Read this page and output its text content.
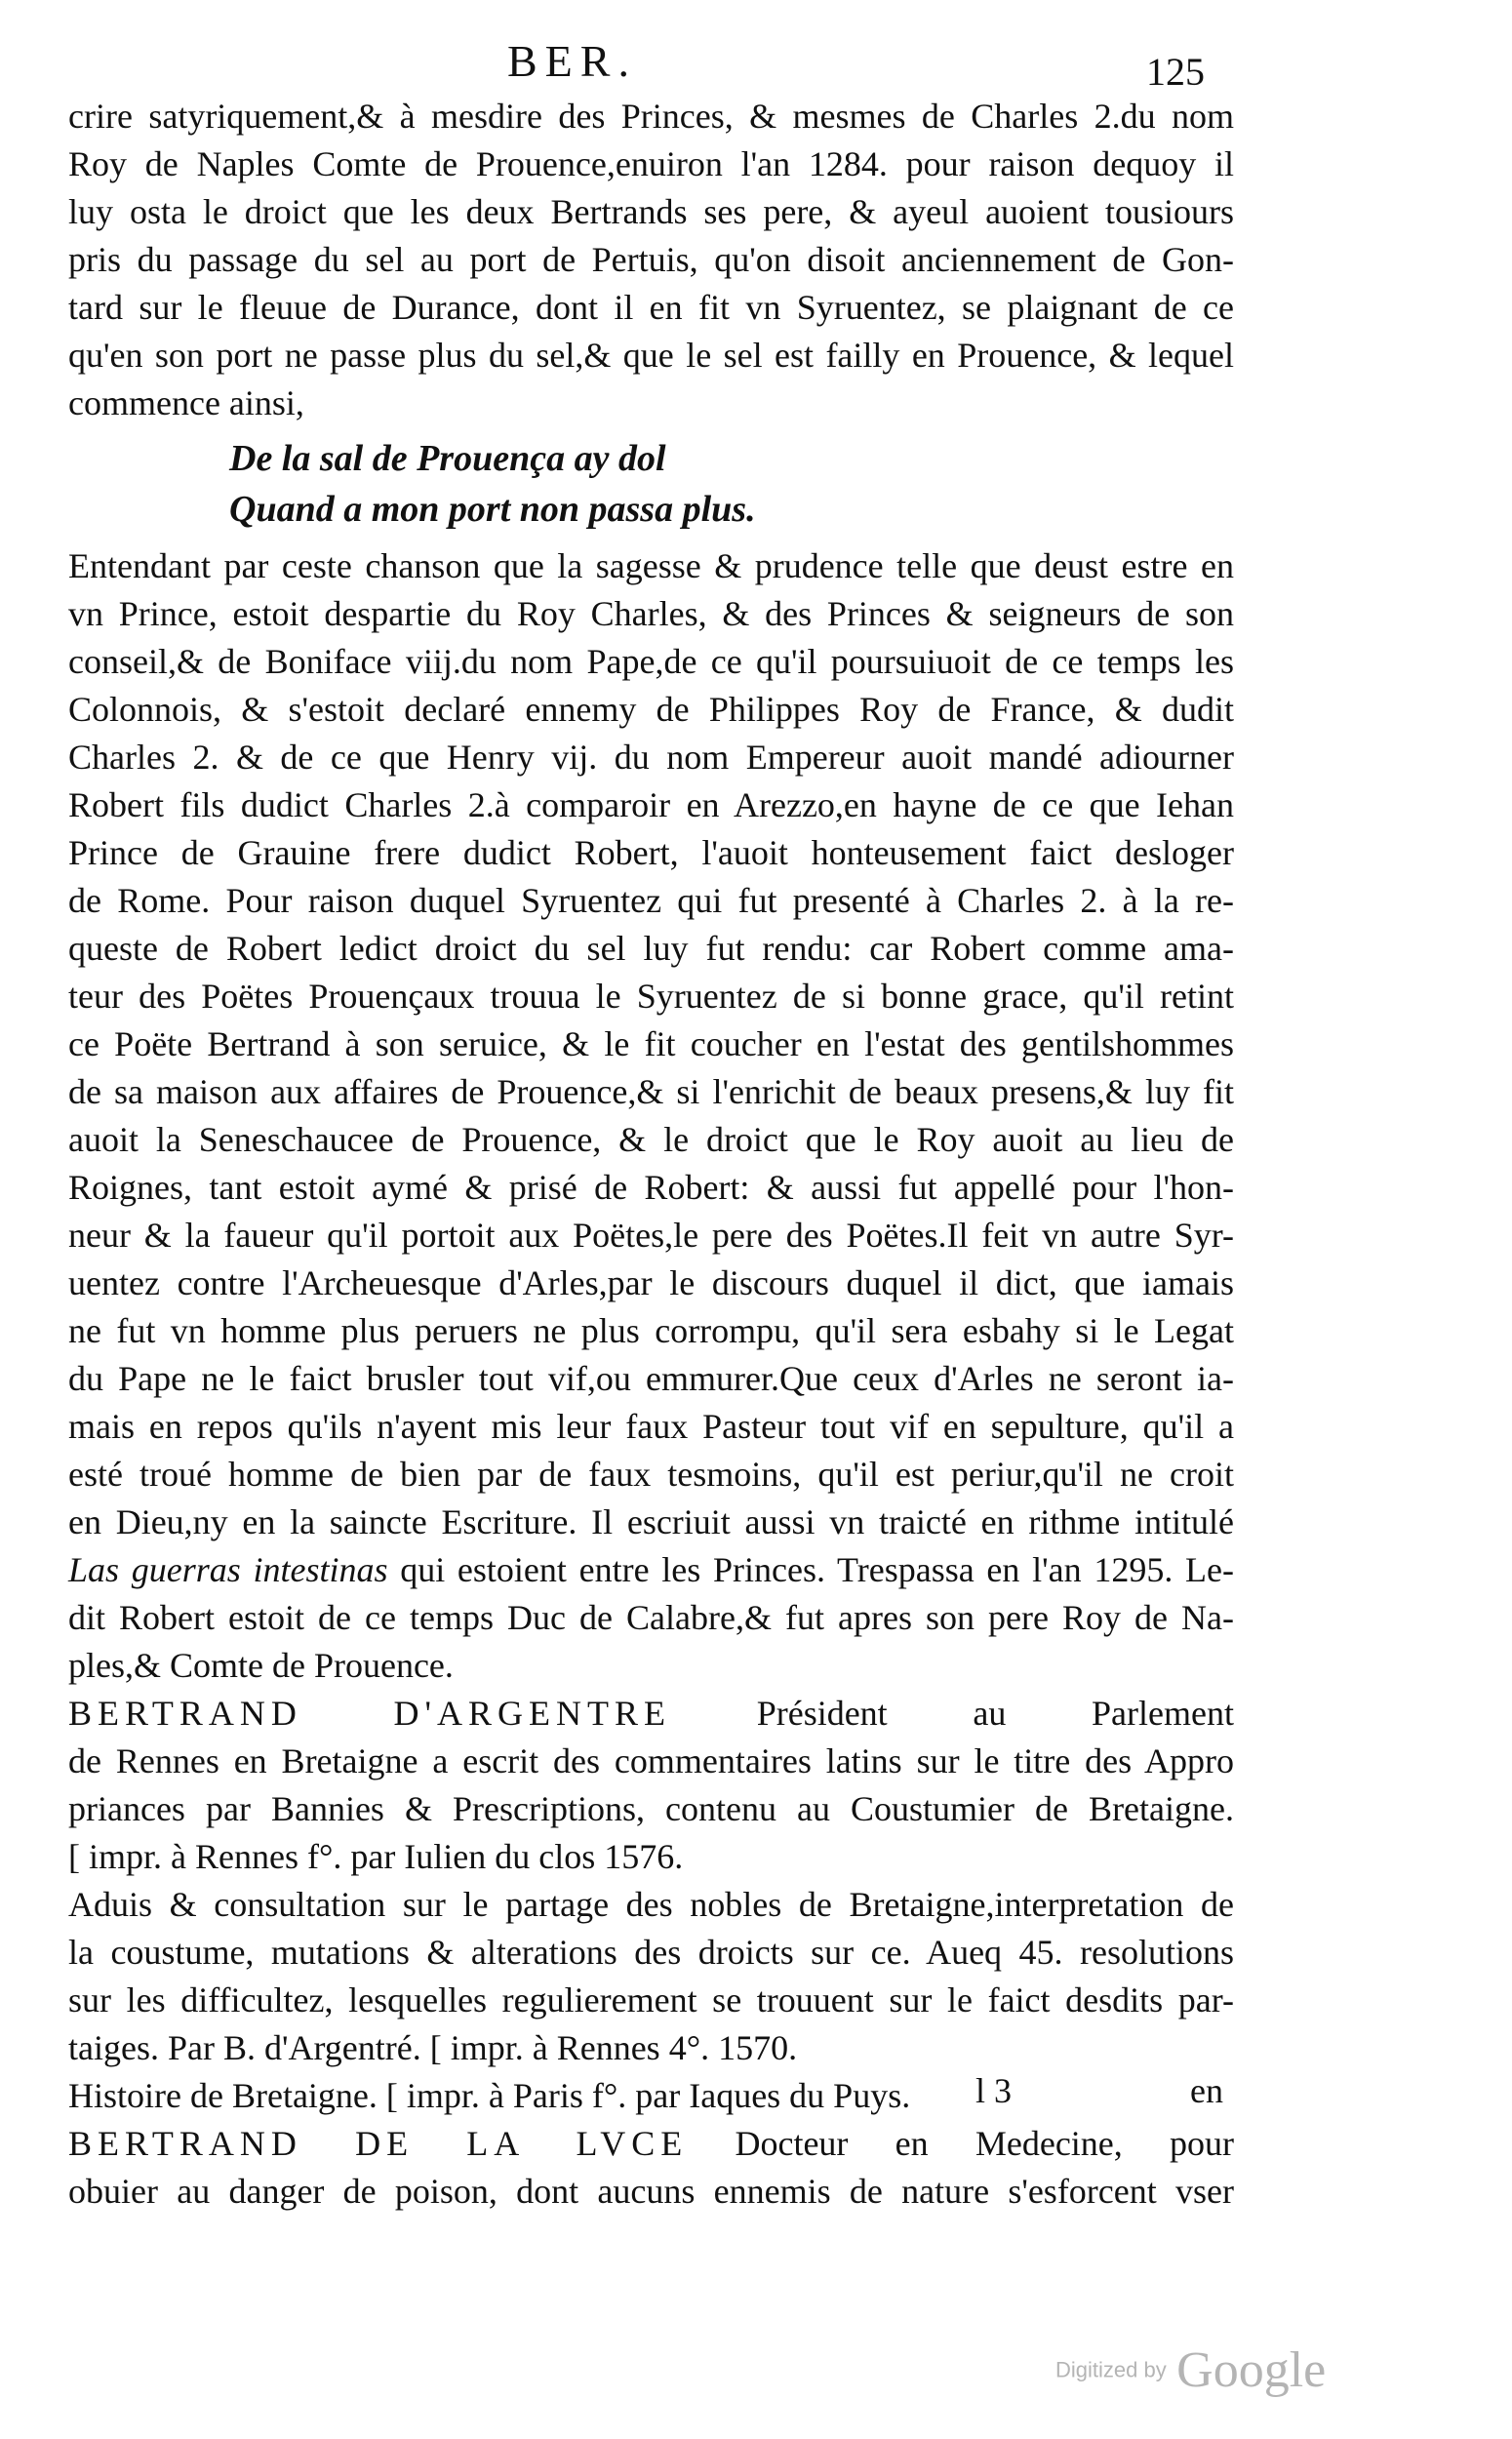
BER.	125
crire satyriquement,& à mesdire des Princes, & mesmes de Charles 2.du nom
Roy de Naples Comte de Prouence,enuiron l'an 1284. pour raison dequoy il
luy osta le droict que les deux Bertrands ses pere, & ayeul auoient tousiours
pris du passage du sel au port de Pertuis, qu'on disoit anciennement de Gon-
tard sur le fleuue de Durance, dont il en fit vn Syruentez, se plaignant de ce
qu'en son port ne passe plus du sel,& que le sel est failly en Prouence, & lequel
commence ainsi,
De la sal de Prouença ay dol
Quand a mon port non passa plus.
Entendant par ceste chanson que la sagesse & prudence telle que deust estre en
vn Prince, estoit despartie du Roy Charles, & des Princes & seigneurs de son
conseil,& de Boniface viij.du nom Pape,de ce qu'il poursuiuoit de ce temps les
Colonnois, & s'estoit declaré ennemy de Philippes Roy de France, & dudit
Charles 2. & de ce que Henry vij. du nom Empereur auoit mandé adiourner
Robert fils dudict Charles 2.à comparoir en Arezzo,en hayne de ce que Iehan
Prince de Grauine frere dudict Robert, l'auoit honteusement faict desloger
de Rome. Pour raison duquel Syruentez qui fut presenté à Charles 2. à la re-
queste de Robert ledict droict du sel luy fut rendu: car Robert comme ama-
teur des Poëtes Prouençaux trouua le Syruentez de si bonne grace, qu'il retint
ce Poëte Bertrand à son seruice, & le fit coucher en l'estat des gentilshommes
de sa maison aux affaires de Prouence,& si l'enrichit de beaux presens,& luy fit
auoit la Seneschaucee de Prouence, & le droict que le Roy auoit au lieu de
Roignes, tant estoit aymé & prisé de Robert: & aussi fut appellé pour l'hon-
neur & la faueur qu'il portoit aux Poëtes,le pere des Poëtes.Il feit vn autre Syr-
uentez contre l'Archeuesque d'Arles,par le discours duquel il dict, que iamais
ne fut vn homme plus peruers ne plus corrompu, qu'il sera esbahy si le Legat
du Pape ne le faict brusler tout vif,ou emmurer.Que ceux d'Arles ne seront ia-
mais en repos qu'ils n'ayent mis leur faux Pasteur tout vif en sepulture, qu'il a
esté troué homme de bien par de faux tesmoins, qu'il est periur,qu'il ne croit
en Dieu,ny en la saincte Escriture. Il escriuit aussi vn traicté en rithme intitulé
Las guerras intestinas qui estoient entre les Princes. Trespassa en l'an 1295. Le-
dit Robert estoit de ce temps Duc de Calabre,& fut apres son pere Roy de Na-
ples,& Comte de Prouence.
BERTRAND D'ARGENTRE Président au Parlement
de Rennes en Bretaigne a escrit des commentaires latins sur le titre des Appro
priances par Bannies & Prescriptions, contenu au Coustumier de Bretaigne.
[ impr. à Rennes f°. par Iulien du clos 1576.
Aduis & consultation sur le partage des nobles de Bretaigne,interpretation de
la coustume, mutations & alterations des droicts sur ce. Aueq 45. resolutions
sur les difficultez, lesquelles regulierement se trouuent sur le faict desdits par-
taiges. Par B. d'Argentré. [ impr. à Rennes 4°. 1570.
Histoire de Bretaigne. [ impr. à Paris f°. par Iaques du Puys.
BERTRAND DE LA LVCE Docteur en Medecine, pour
obuier au danger de poison, dont aucuns ennemis de nature s'esforcent vser
l 3	en
Digitized by Google
